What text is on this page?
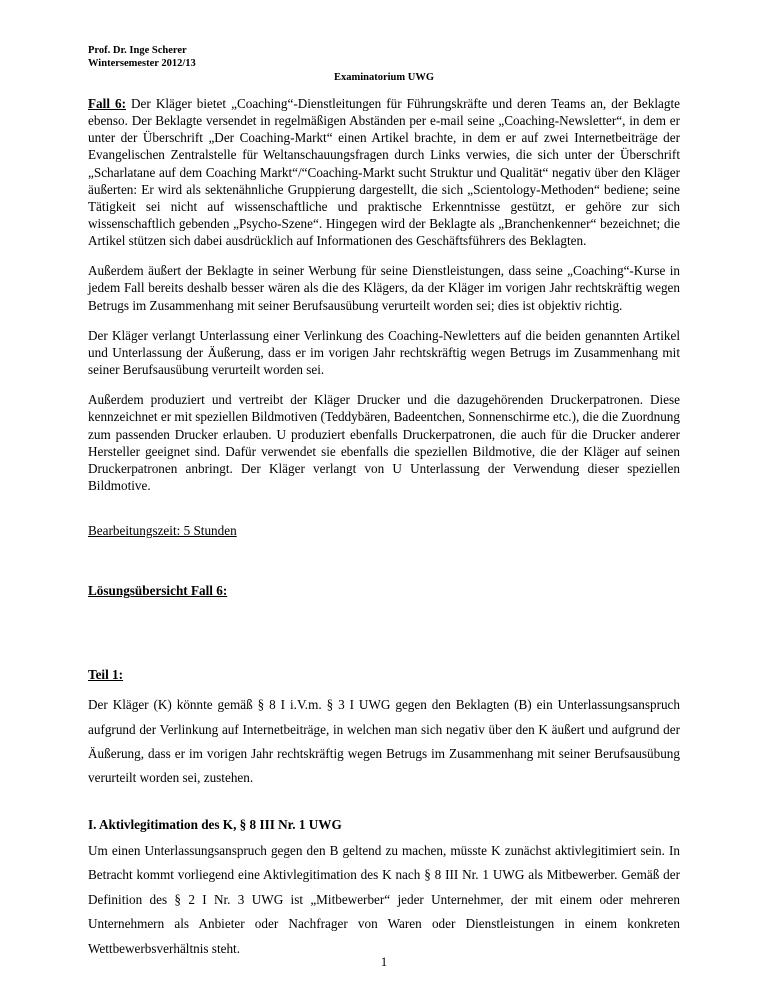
Prof. Dr. Inge Scherer
Wintersemester 2012/13
Examinatorium UWG

Fall 6: Der Kläger bietet „Coaching“-Dienstleitungen für Führungskräfte und deren Teams an, der Beklagte ebenso. Der Beklagte versendet in regelmäßigen Abständen per e-mail seine „Coaching-Newsletter“, in dem er unter der Überschrift „Der Coaching-Markt“ einen Artikel brachte, in dem er auf zwei Internetbeiträge der Evangelischen Zentralstelle für Weltanschauungsfragen durch Links verwies, die sich unter der Überschrift „Scharlatane auf dem Coaching Markt“/“Coaching-Markt sucht Struktur und Qualität“ negativ über den Kläger äußerten: Er wird als sektenähnliche Gruppierung dargestellt, die sich „Scientology-Methoden“ bediene; seine Tätigkeit sei nicht auf wissenschaftliche und praktische Erkenntnisse gestützt, er gehöre zur sich wissenschaftlich gebenden „Psycho-Szene“. Hingegen wird der Beklagte als „Branchenkenner“ bezeichnet; die Artikel stützen sich dabei ausdrücklich auf Informationen des Geschäftsführers des Beklagten.

Außerdem äußert der Beklagte in seiner Werbung für seine Dienstleistungen, dass seine „Coaching“-Kurse in jedem Fall bereits deshalb besser wären als die des Klägers, da der Kläger im vorigen Jahr rechtskräftig wegen Betrugs im Zusammenhang mit seiner Berufsausübung verurteilt worden sei; dies ist objektiv richtig.

Der Kläger verlangt Unterlassung einer Verlinkung des Coaching-Newletters auf die beiden genannten Artikel und Unterlassung der Äußerung, dass er im vorigen Jahr rechtskräftig wegen Betrugs im Zusammenhang mit seiner Berufsausübung verurteilt worden sei.

Außerdem produziert und vertreibt der Kläger Drucker und die dazugehörenden Druckerpatronen. Diese kennzeichnet er mit speziellen Bildmotiven (Teddybären, Badeentchen, Sonnenschirme etc.), die die Zuordnung zum passenden Drucker erlauben. U produziert ebenfalls Druckerpatronen, die auch für die Drucker anderer Hersteller geeignet sind. Dafür verwendet sie ebenfalls die speziellen Bildmotive, die der Kläger auf seinen Druckerpatronen anbringt. Der Kläger verlangt von U Unterlassung der Verwendung dieser speziellen Bildmotive.

Bearbeitungszeit: 5 Stunden

Lösungsübersicht Fall 6:

Teil 1:

Der Kläger (K) könnte gemäß § 8 I i.V.m. § 3 I UWG gegen den Beklagten (B) ein Unterlassungsanspruch aufgrund der Verlinkung auf Internetbeiträge, in welchen man sich negativ über den K äußert und aufgrund der Äußerung, dass er im vorigen Jahr rechtskräftig wegen Betrugs im Zusammenhang mit seiner Berufsausübung verurteilt worden sei, zustehen.

I. Aktivlegitimation des K, § 8 III Nr. 1 UWG

Um einen Unterlassungsanspruch gegen den B geltend zu machen, müsste K zunächst aktivlegitimiert sein. In Betracht kommt vorliegend eine Aktivlegitimation des K nach § 8 III Nr. 1 UWG als Mitbewerber. Gemäß der Definition des § 2 I Nr. 3 UWG ist „Mitbewerber“ jeder Unternehmer, der mit einem oder mehreren Unternehmern als Anbieter oder Nachfrager von Waren oder Dienstleistungen in einem konkreten Wettbewerbsverhältnis steht.

1
